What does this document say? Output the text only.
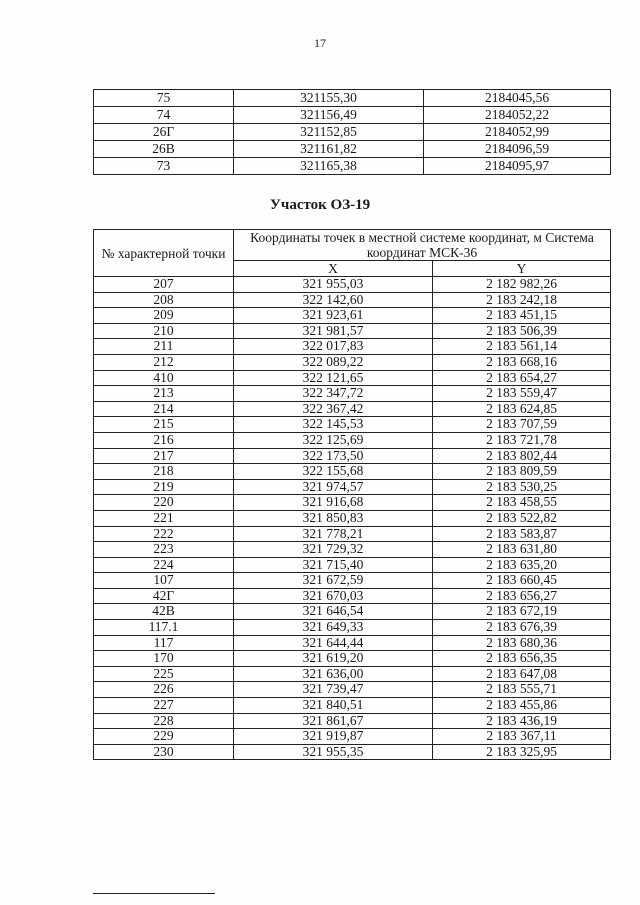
17
75	321155,30	2184045,56
74	321156,49	2184052,22
26Г	321152,85	2184052,99
26В	321161,82	2184096,59
73	321165,38	2184095,97
Участок ОЗ-19
№ характерной точки	Координаты точек в местной системе координат, м Система координат МСК-36	
	X	Y
207	321 955,03	2 182 982,26
208	322 142,60	2 183 242,18
209	321 923,61	2 183 451,15
210	321 981,57	2 183 506,39
211	322 017,83	2 183 561,14
212	322 089,22	2 183 668,16
410	322 121,65	2 183 654,27
213	322 347,72	2 183 559,47
214	322 367,42	2 183 624,85
215	322 145,53	2 183 707,59
216	322 125,69	2 183 721,78
217	322 173,50	2 183 802,44
218	322 155,68	2 183 809,59
219	321 974,57	2 183 530,25
220	321 916,68	2 183 458,55
221	321 850,83	2 183 522,82
222	321 778,21	2 183 583,87
223	321 729,32	2 183 631,80
224	321 715,40	2 183 635,20
107	321 672,59	2 183 660,45
42Г	321 670,03	2 183 656,27
42В	321 646,54	2 183 672,19
117.1	321 649,33	2 183 676,39
117	321 644,44	2 183 680,36
170	321 619,20	2 183 656,35
225	321 636,00	2 183 647,08
226	321 739,47	2 183 555,71
227	321 840,51	2 183 455,86
228	321 861,67	2 183 436,19
229	321 919,87	2 183 367,11
230	321 955,35	2 183 325,95
